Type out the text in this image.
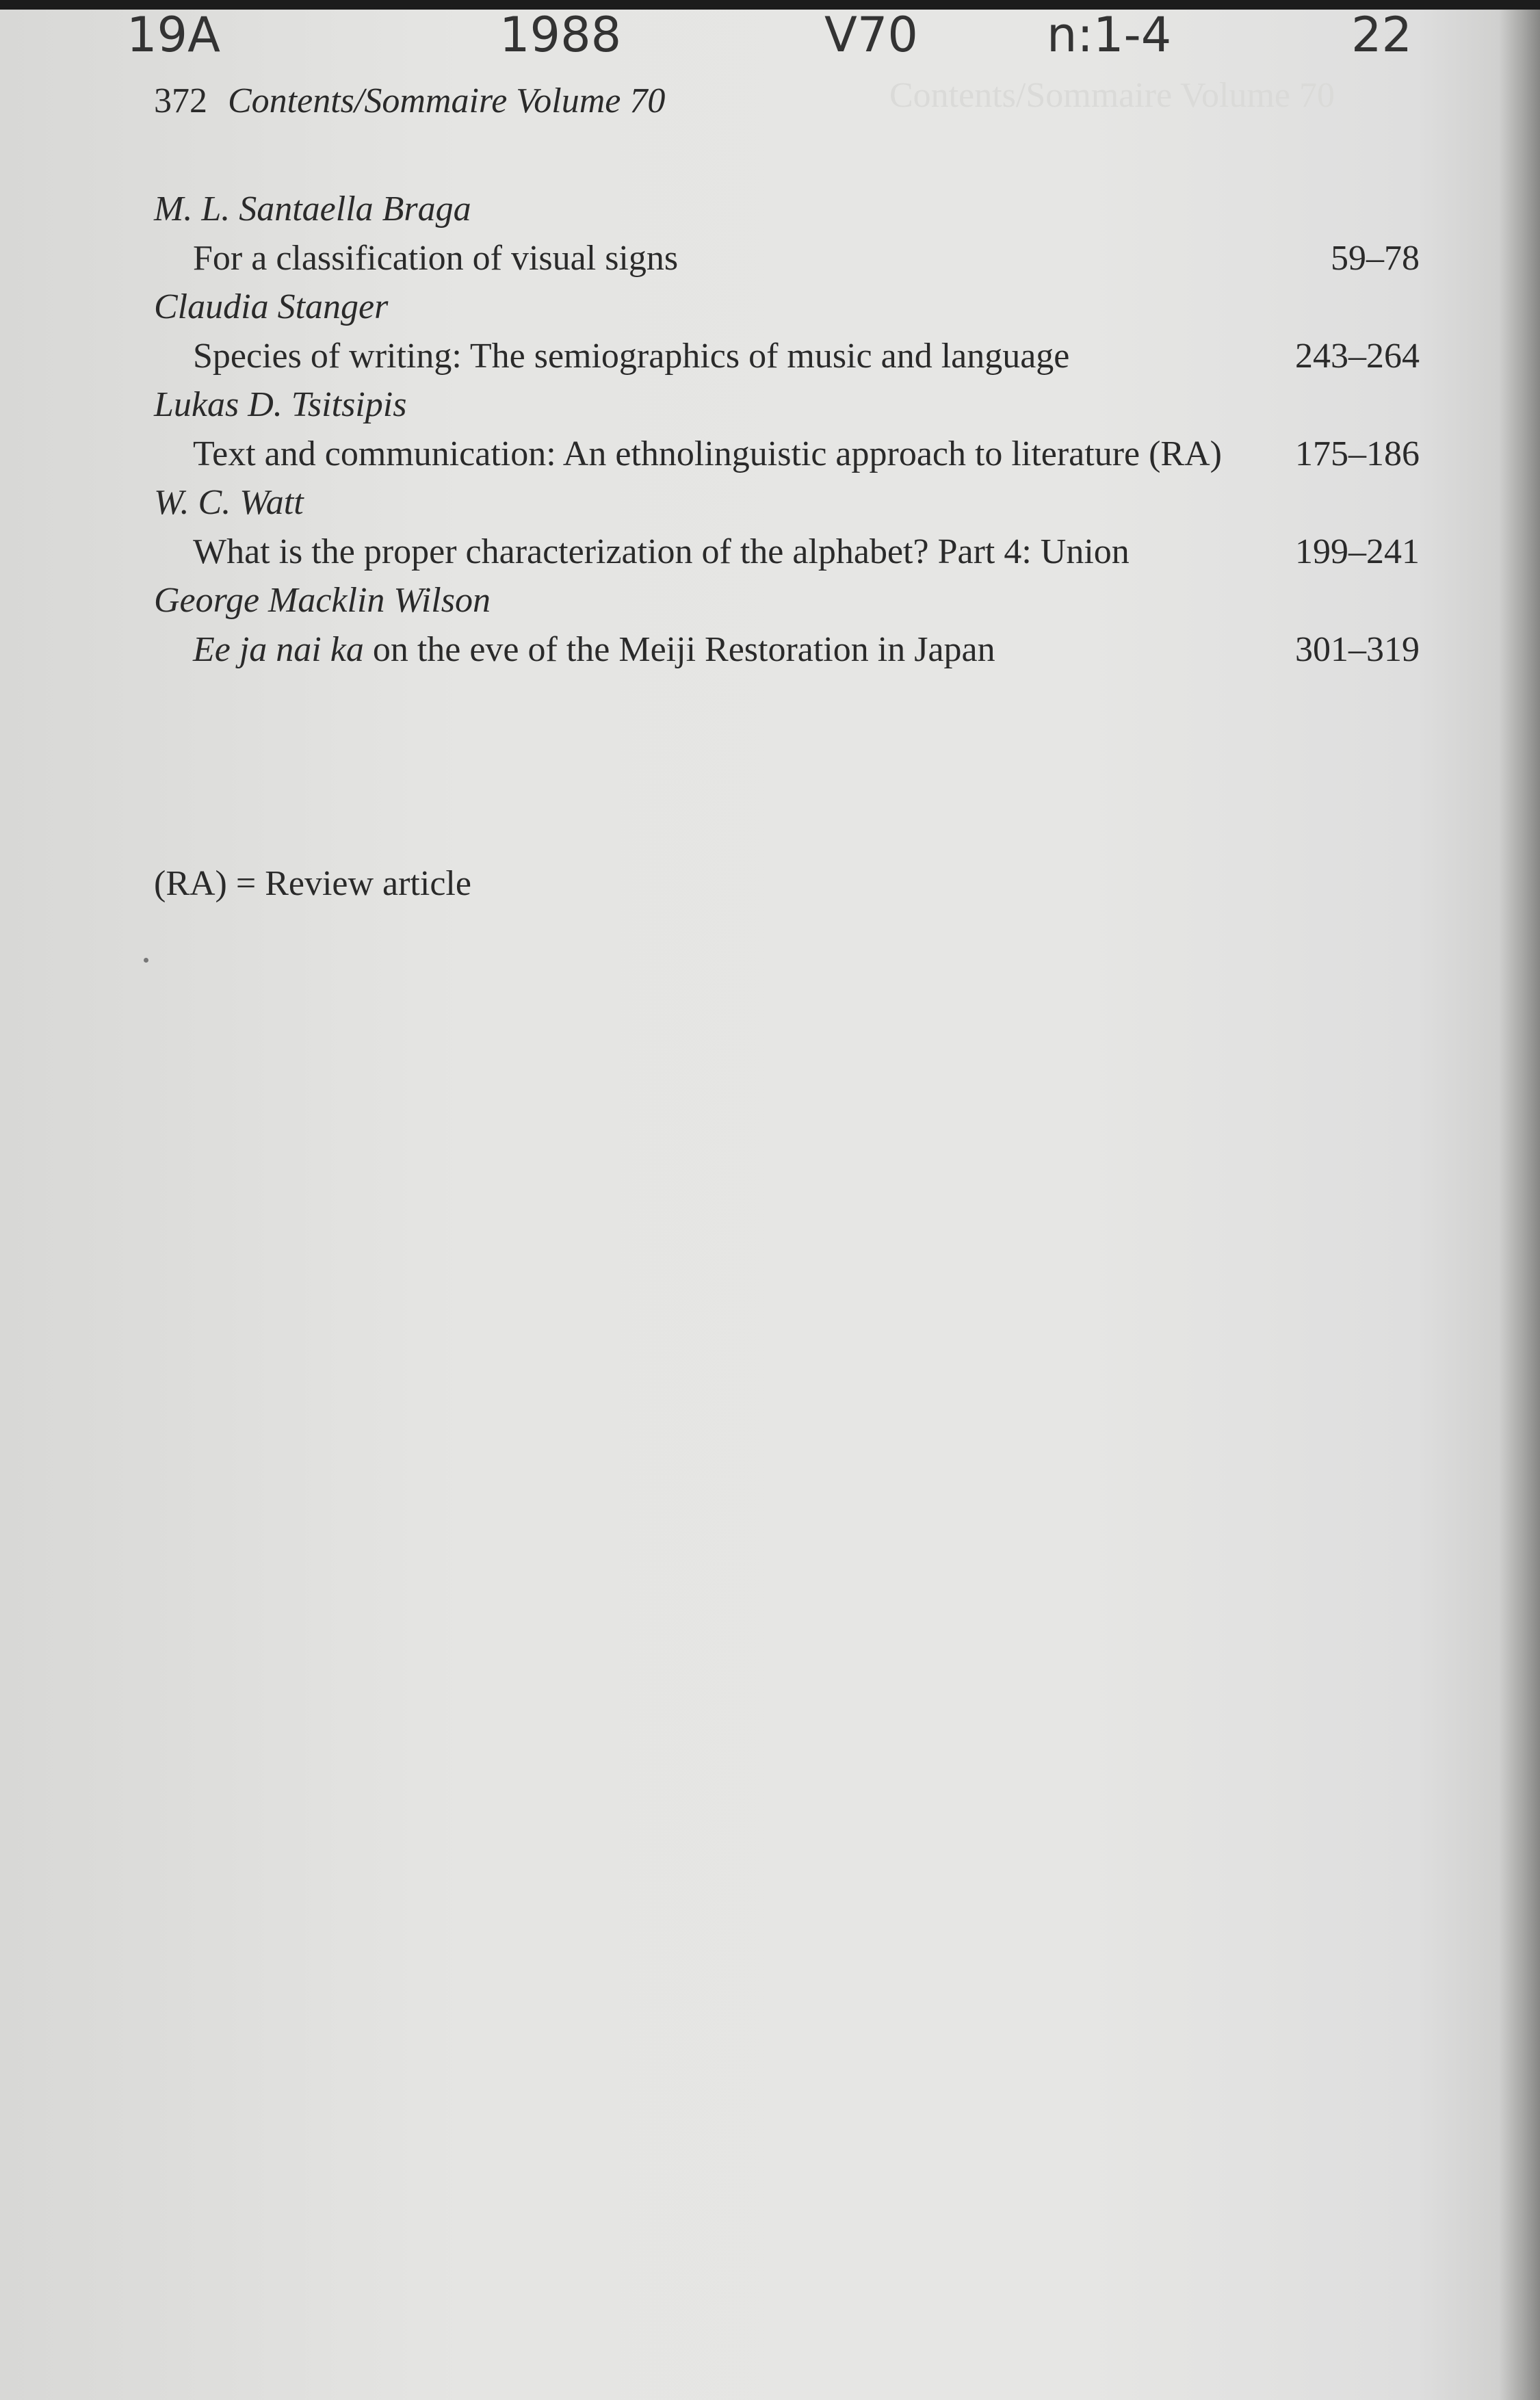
Contents/Sommaire Volume 70
19A	1988	V70	n:1-4	22
372 Contents/Sommaire Volume 70
M. L. Santaella Braga
For a classification of visual signs	59–78
Claudia Stanger
Species of writing: The semiographics of music and language	243–264
Lukas D. Tsitsipis
Text and communication: An ethnolinguistic approach to literature (RA)	175–186
W. C. Watt
What is the proper characterization of the alphabet? Part 4: Union	199–241
George Macklin Wilson
Ee ja nai ka on the eve of the Meiji Restoration in Japan	301–319
(RA) = Review article
